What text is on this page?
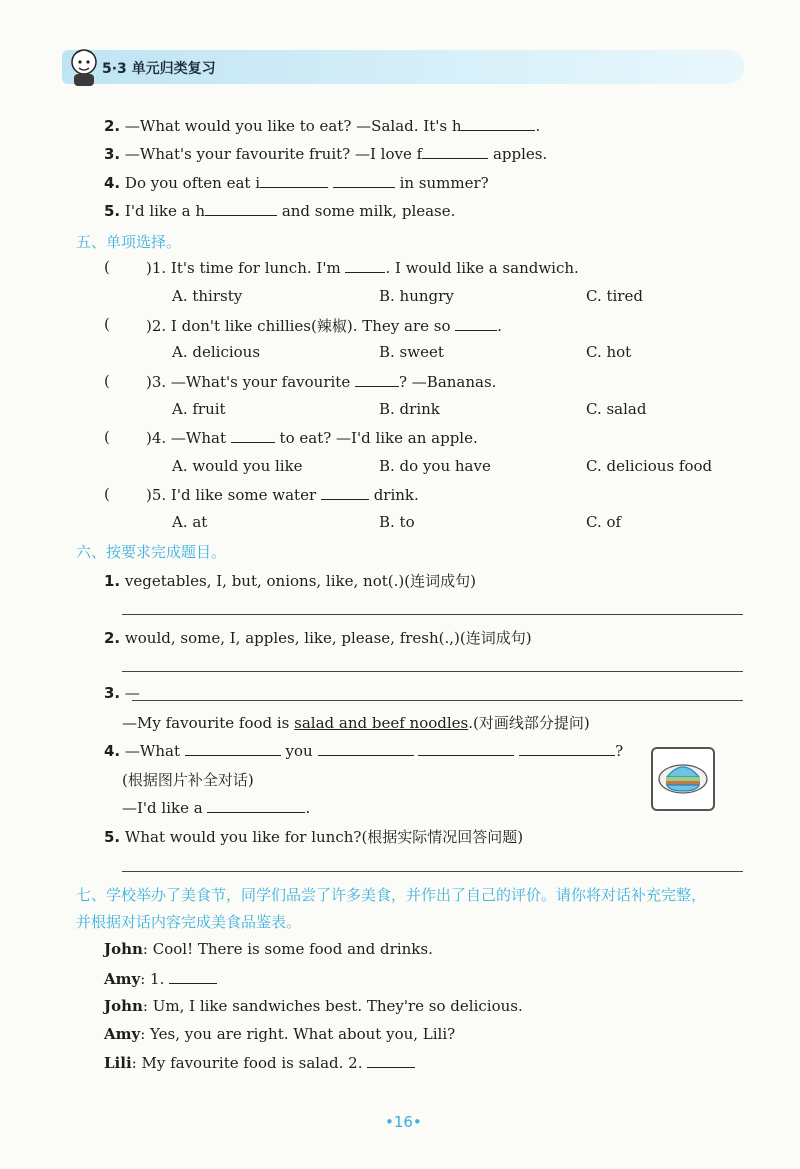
5·3 单元归类复习
2. —What would you like to eat? —Salad. It's h	.
3. —What's your favourite fruit? —I love f	apples.
4. Do you often eat i	in summer?
5. I'd like a h	and some milk, please.
五、单项选择。
( )1. It's time for lunch. I'm	. I would like a sandwich.
A. thirsty	B. hungry	C. tired
( )2. I don't like chillies(辣椒). They are so	.
A. delicious	B. sweet	C. hot
( )3. —What's your favourite	? —Bananas.
A. fruit	B. drink	C. salad
( )4. —What	to eat? —I'd like an apple.
A. would you like	B. do you have	C. delicious food
( )5. I'd like some water	drink.
A. at	B. to	C. of
六、按要求完成题目。
1. vegetables, I, but, onions, like, not(.)(连词成句)
2. would, some, I, apples, like, please, fresh(.,)(连词成句)
3. —
—My favourite food is salad and beef noodles.(对画线部分提问)
4. —What	you	?
(根据图片补全对话)
—I'd like a	.
5. What would you like for lunch?(根据实际情况回答问题)
七、学校举办了美食节，同学们品尝了许多美食，并作出了自己的评价。请你将对话补充完整，
并根据对话内容完成美食品鉴表。
John: Cool! There is some food and drinks.
Amy: 1.
John: Um, I like sandwiches best. They're so delicious.
Amy: Yes, you are right. What about you, Lili?
Lili: My favourite food is salad. 2.
•16•
